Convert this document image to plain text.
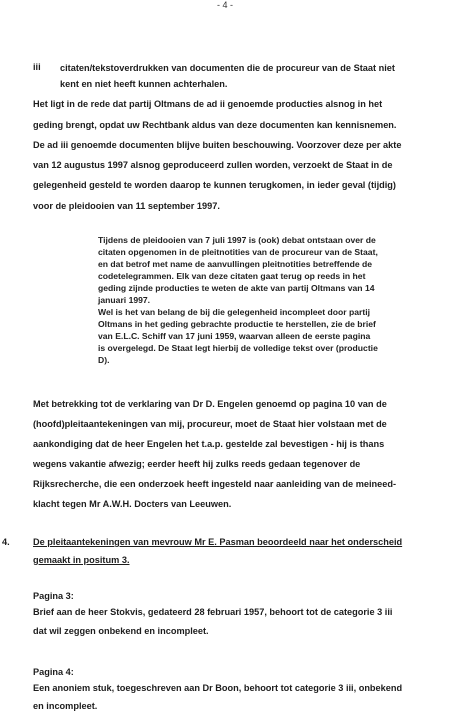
- 4 -
iii citaten/tekstoverdrukken van documenten die de procureur van de Staat niet
kent en niet heeft kunnen achterhalen.
Het ligt in de rede dat partij Oltmans de ad ii genoemde producties alsnog in het
geding brengt, opdat uw Rechtbank aldus van deze documenten kan kennisnemen.
De ad iii genoemde documenten blijve buiten beschouwing. Voorzover deze per akte
van 12 augustus 1997 alsnog geproduceerd zullen worden, verzoekt de Staat in de
gelegenheid gesteld te worden daarop te kunnen terugkomen, in ieder geval (tijdig)
voor de pleidooien van 11 september 1997.
Tijdens de pleidooien van 7 juli 1997 is (ook) debat ontstaan over de
citaten opgenomen in de pleitnotities van de procureur van de Staat,
en dat betrof met name de aanvullingen pleitnotities betreffende de
codetelegrammen. Elk van deze citaten gaat terug op reeds in het
geding zijnde producties te weten de akte van partij Oltmans van 14
januari 1997.
Wel is het van belang de bij die gelegenheid incompleet door partij
Oltmans in het geding gebrachte productie te herstellen, zie de brief
van E.L.C. Schiff van 17 juni 1959, waarvan alleen de eerste pagina
is overgelegd. De Staat legt hierbij de volledige tekst over (productie
D).
Met betrekking tot de verklaring van Dr D. Engelen genoemd op pagina 10 van de
(hoofd)pleitaantekeningen van mij, procureur, moet de Staat hier volstaan met de
aankondiging dat de heer Engelen het t.a.p. gestelde zal bevestigen - hij is thans
wegens vakantie afwezig; eerder heeft hij zulks reeds gedaan tegenover de
Rijksrecherche, die een onderzoek heeft ingesteld naar aanleiding van de meineed-
klacht tegen Mr A.W.H. Docters van Leeuwen.
4.	De pleitaantekeningen van mevrouw Mr E. Pasman beoordeeld naar het onderscheid
gemaakt in positum 3.
Pagina 3:
Brief aan de heer Stokvis, gedateerd 28 februari 1957, behoort tot de categorie 3 iii
dat wil zeggen onbekend en incompleet.
Pagina 4:
Een anoniem stuk, toegeschreven aan Dr Boon, behoort tot categorie 3 iii, onbekend
en incompleet.
